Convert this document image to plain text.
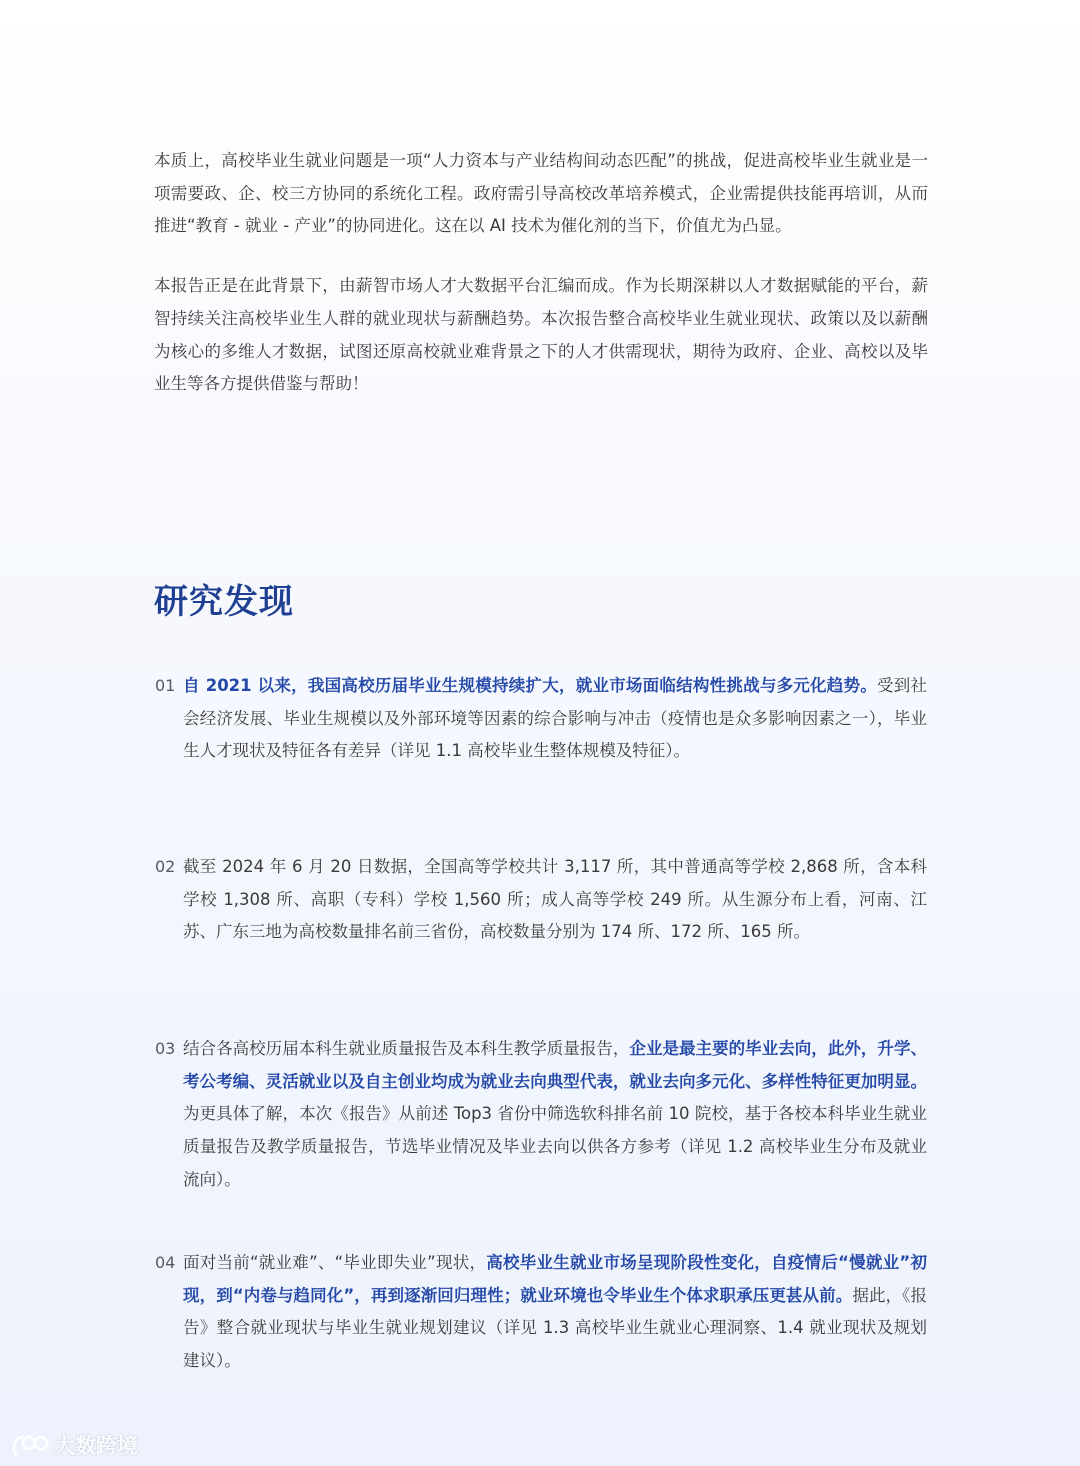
本质上，高校毕业生就业问题是一项“人力资本与产业结构间动态匹配”的挑战，促进高校毕业生就业是一项需要政、企、校三方协同的系统化工程。政府需引导高校改革培养模式，企业需提供技能再培训，从而推进“教育 - 就业 - 产业”的协同进化。这在以 AI 技术为催化剂的当下，价值尤为凸显。

本报告正是在此背景下，由薪智市场人才大数据平台汇编而成。作为长期深耕以人才数据赋能的平台，薪智持续关注高校毕业生人群的就业现状与薪酬趋势。本次报告整合高校毕业生就业现状、政策以及以薪酬为核心的多维人才数据，试图还原高校就业难背景之下的人才供需现状，期待为政府、企业、高校以及毕业生等各方提供借鉴与帮助！

研究发现
01 自 2021 以来，我国高校历届毕业生规模持续扩大，就业市场面临结构性挑战与多元化趋势。受到社会经济发展、毕业生规模以及外部环境等因素的综合影响与冲击（疫情也是众多影响因素之一），毕业生人才现状及特征各有差异（详见 1.1 高校毕业生整体规模及特征）。
02 截至 2024 年 6 月 20 日数据，全国高等学校共计 3,117 所，其中普通高等学校 2,868 所，含本科学校 1,308 所、高职（专科）学校 1,560 所；成人高等学校 249 所。从生源分布上看，河南、江苏、广东三地为高校数量排名前三省份，高校数量分别为 174 所、172 所、165 所。
03 结合各高校历届本科生就业质量报告及本科生教学质量报告，企业是最主要的毕业去向，此外，升学、考公考编、灵活就业以及自主创业均成为就业去向典型代表，就业去向多元化、多样性特征更加明显。为更具体了解，本次《报告》从前述 Top3 省份中筛选软科排名前 10 院校，基于各校本科毕业生就业质量报告及教学质量报告，节选毕业情况及毕业去向以供各方参考（详见 1.2 高校毕业生分布及就业流向）。
04 面对当前“就业难”、“毕业即失业”现状，高校毕业生就业市场呈现阶段性变化，自疫情后“慢就业”初现，到“内卷与趋同化”，再到逐渐回归理性；就业环境也令毕业生个体求职承压更甚从前。据此，《报告》整合就业现状与毕业生就业规划建议（详见 1.3 高校毕业生就业心理洞察、1.4 就业现状及规划建议）。
大数跨境
